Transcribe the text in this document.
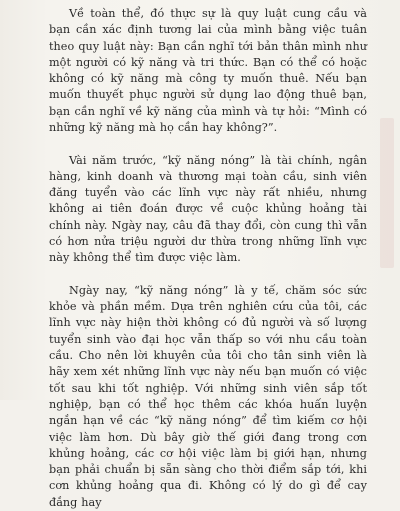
Về toàn thể, đó thực sự là quy luật cung cầu và bạn cần xác định tương lai của mình bằng việc tuân theo quy luật này: Bạn cần nghĩ tới bản thân mình như một người có kỹ năng và tri thức. Bạn có thể có hoặc không có kỹ năng mà công ty muốn thuê. Nếu bạn muốn thuyết phục người sử dụng lao động thuê bạn, bạn cần nghĩ về kỹ năng của mình và tự hỏi: “Mình có những kỹ năng mà họ cần hay không?”.

Vài năm trước, “kỹ năng nóng” là tài chính, ngân hàng, kinh doanh và thương mại toàn cầu, sinh viên đăng tuyển vào các lĩnh vực này rất nhiều, nhưng không ai tiên đoán được về cuộc khủng hoảng tài chính này. Ngày nay, câu đã thay đổi, còn cung thì vẫn có hơn nửa triệu người dư thừa trong những lĩnh vực này không thể tìm được việc làm.

Ngày nay, “kỹ năng nóng” là y tế, chăm sóc sức khỏe và phần mềm. Dựa trên nghiên cứu của tôi, các lĩnh vực này hiện thời không có đủ người và số lượng tuyển sinh vào đại học vẫn thấp so với nhu cầu toàn cầu. Cho nên lời khuyên của tôi cho tân sinh viên là hãy xem xét những lĩnh vực này nếu bạn muốn có việc tốt sau khi tốt nghiệp. Với những sinh viên sắp tốt nghiệp, bạn có thể học thêm các khóa huấn luyện ngắn hạn về các “kỹ năng nóng” để tìm kiếm cơ hội việc làm hơn. Dù bây giờ thế giới đang trong cơn khủng hoảng, các cơ hội việc làm bị giới hạn, nhưng bạn phải chuẩn bị sẵn sàng cho thời điểm sắp tới, khi cơn khủng hoảng qua đi. Không có lý do gì để cay đắng hay
